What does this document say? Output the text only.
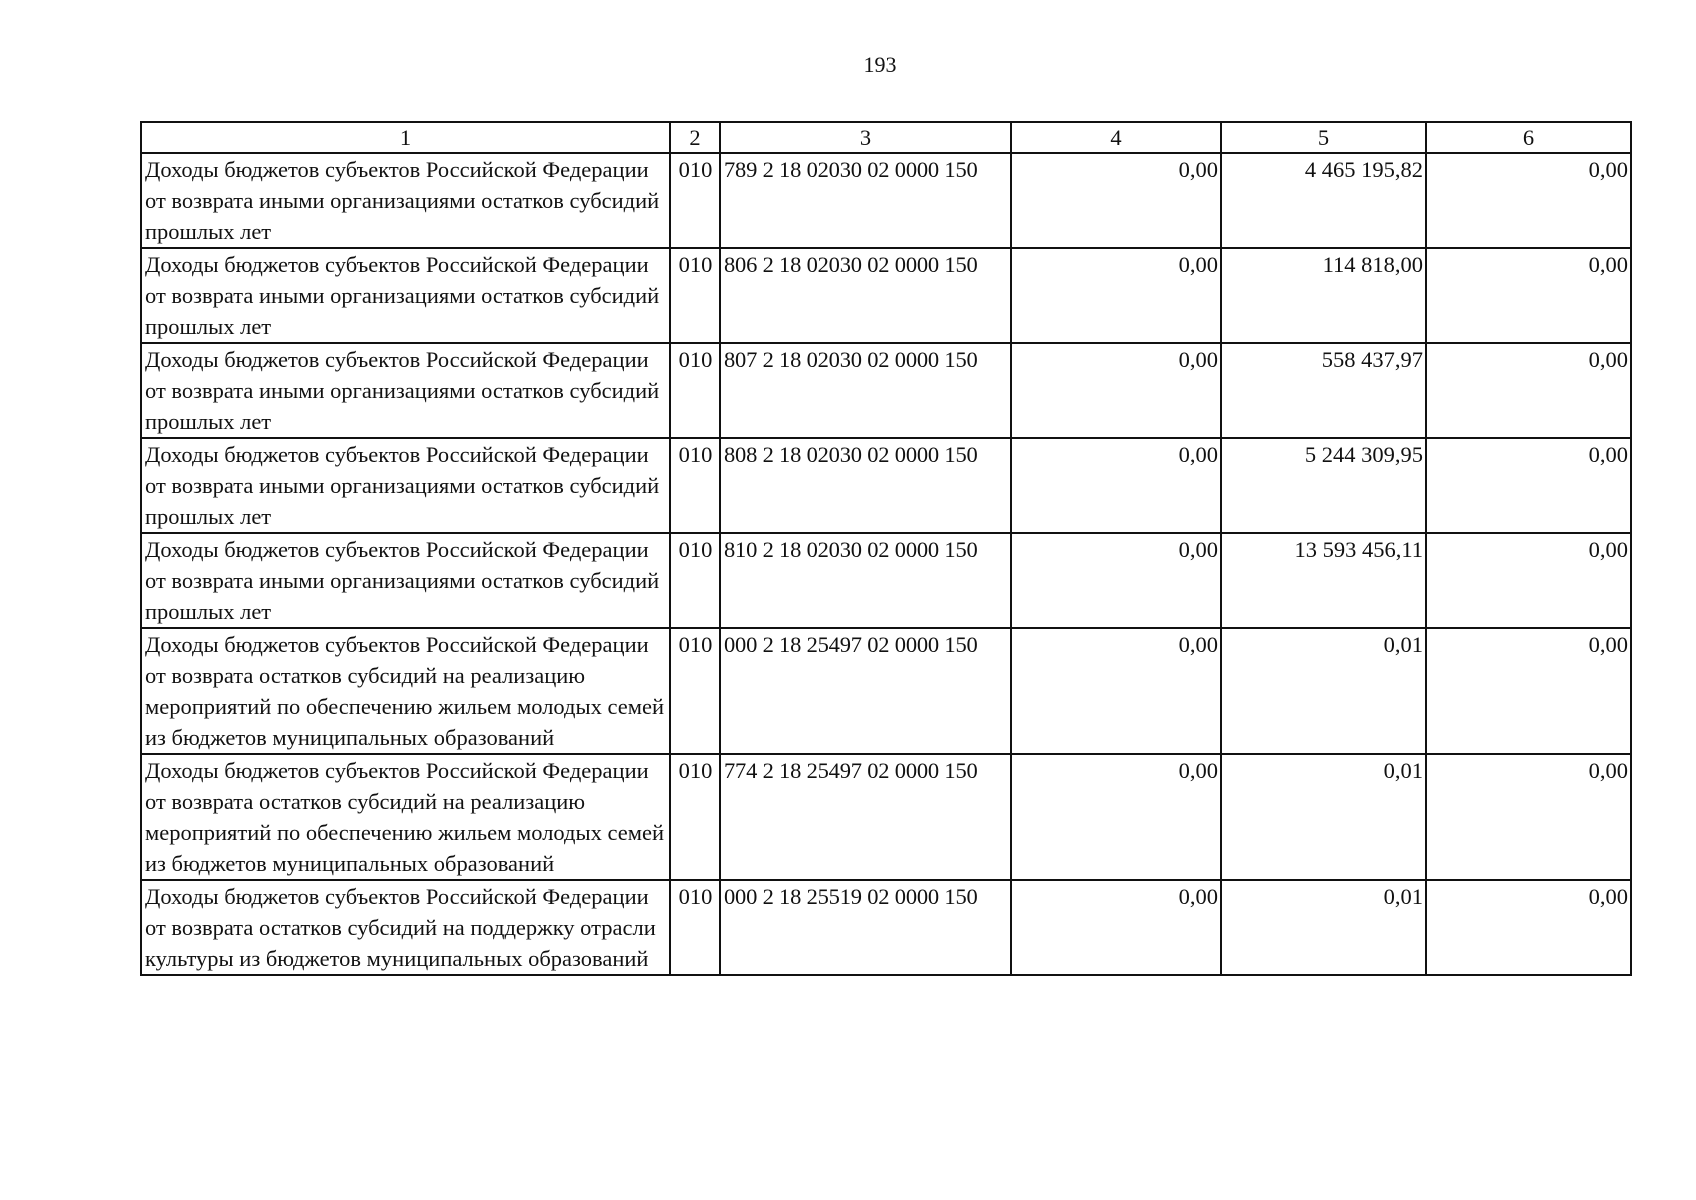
193
1	2	3	4	5	6
Доходы бюджетов субъектов Российской Федерации от возврата иными организациями остатков субсидий прошлых лет	010	789 2 18 02030 02 0000 150	0,00	4 465 195,82	0,00
Доходы бюджетов субъектов Российской Федерации от возврата иными организациями остатков субсидий прошлых лет	010	806 2 18 02030 02 0000 150	0,00	114 818,00	0,00
Доходы бюджетов субъектов Российской Федерации от возврата иными организациями остатков субсидий прошлых лет	010	807 2 18 02030 02 0000 150	0,00	558 437,97	0,00
Доходы бюджетов субъектов Российской Федерации от возврата иными организациями остатков субсидий прошлых лет	010	808 2 18 02030 02 0000 150	0,00	5 244 309,95	0,00
Доходы бюджетов субъектов Российской Федерации от возврата иными организациями остатков субсидий прошлых лет	010	810 2 18 02030 02 0000 150	0,00	13 593 456,11	0,00
Доходы бюджетов субъектов Российской Федерации от возврата остатков субсидий на реализацию мероприятий по обеспечению жильем молодых семей из бюджетов муниципальных образований	010	000 2 18 25497 02 0000 150	0,00	0,01	0,00
Доходы бюджетов субъектов Российской Федерации от возврата остатков субсидий на реализацию мероприятий по обеспечению жильем молодых семей из бюджетов муниципальных образований	010	774 2 18 25497 02 0000 150	0,00	0,01	0,00
Доходы бюджетов субъектов Российской Федерации от возврата остатков субсидий на поддержку отрасли культуры из бюджетов муниципальных образований	010	000 2 18 25519 02 0000 150	0,00	0,01	0,00
